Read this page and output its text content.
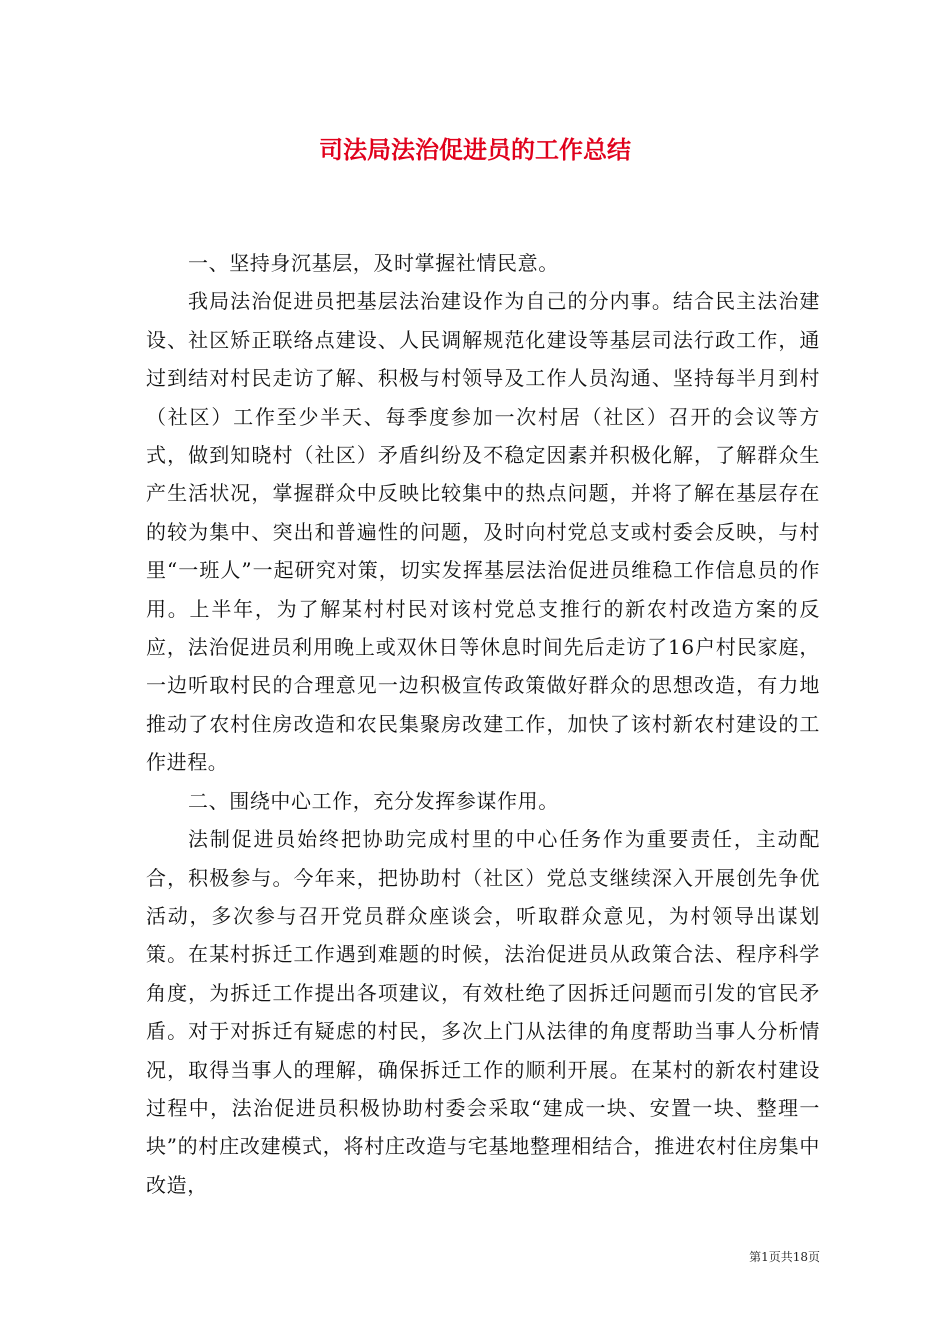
司法局法治促进员的工作总结

一、坚持身沉基层，及时掌握社情民意。

我局法治促进员把基层法治建设作为自己的分内事。结合民主法治建设、社区矫正联络点建设、人民调解规范化建设等基层司法行政工作，通过到结对村民走访了解、积极与村领导及工作人员沟通、坚持每半月到村（社区）工作至少半天、每季度参加一次村居（社区）召开的会议等方式，做到知晓村（社区）矛盾纠纷及不稳定因素并积极化解，了解群众生产生活状况，掌握群众中反映比较集中的热点问题，并将了解在基层存在的较为集中、突出和普遍性的问题，及时向村党总支或村委会反映，与村里“一班人”一起研究对策，切实发挥基层法治促进员维稳工作信息员的作用。上半年，为了解某村村民对该村党总支推行的新农村改造方案的反应，法治促进员利用晚上或双休日等休息时间先后走访了16户村民家庭，一边听取村民的合理意见一边积极宣传政策做好群众的思想改造，有力地推动了农村住房改造和农民集聚房改建工作，加快了该村新农村建设的工作进程。

二、围绕中心工作，充分发挥参谋作用。

法制促进员始终把协助完成村里的中心任务作为重要责任，主动配合，积极参与。今年来，把协助村（社区）党总支继续深入开展创先争优活动，多次参与召开党员群众座谈会，听取群众意见，为村领导出谋划策。在某村拆迁工作遇到难题的时候，法治促进员从政策合法、程序科学角度，为拆迁工作提出各项建议，有效杜绝了因拆迁问题而引发的官民矛盾。对于对拆迁有疑虑的村民，多次上门从法律的角度帮助当事人分析情况，取得当事人的理解，确保拆迁工作的顺利开展。在某村的新农村建设过程中，法治促进员积极协助村委会采取“建成一块、安置一块、整理一块”的村庄改建模式，将村庄改造与宅基地整理相结合，推进农村住房集中改造，

第1页共18页
